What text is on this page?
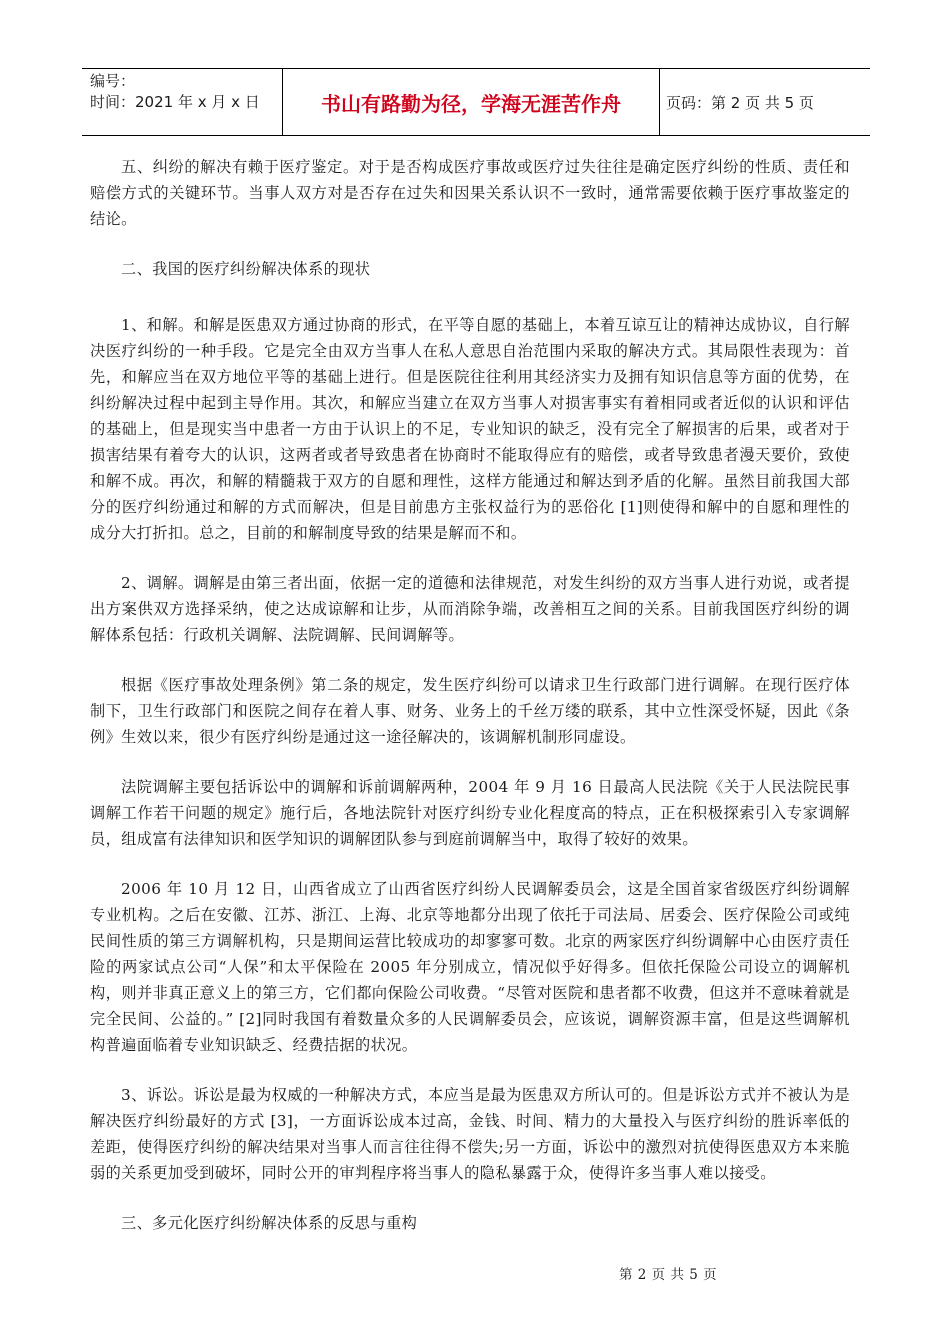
编号：
时间：2021 年 x 月 x 日	书山有路勤为径，学海无涯苦作舟	页码：第 2 页 共 5 页

五、纠纷的解决有赖于医疗鉴定。对于是否构成医疗事故或医疗过失往往是确定医疗纠纷的性质、责任和赔偿方式的关键环节。当事人双方对是否存在过失和因果关系认识不一致时，通常需要依赖于医疗事故鉴定的结论。

二、我国的医疗纠纷解决体系的现状

1、和解。和解是医患双方通过协商的形式，在平等自愿的基础上，本着互谅互让的精神达成协议，自行解决医疗纠纷的一种手段。它是完全由双方当事人在私人意思自治范围内采取的解决方式。其局限性表现为：首先，和解应当在双方地位平等的基础上进行。但是医院往往利用其经济实力及拥有知识信息等方面的优势，在纠纷解决过程中起到主导作用。其次，和解应当建立在双方当事人对损害事实有着相同或者近似的认识和评估的基础上，但是现实当中患者一方由于认识上的不足，专业知识的缺乏，没有完全了解损害的后果，或者对于损害结果有着夸大的认识，这两者或者导致患者在协商时不能取得应有的赔偿，或者导致患者漫天要价，致使和解不成。再次，和解的精髓栽于双方的自愿和理性，这样方能通过和解达到矛盾的化解。虽然目前我国大部分的医疗纠纷通过和解的方式而解决，但是目前患方主张权益行为的恶俗化 [1]则使得和解中的自愿和理性的成分大打折扣。总之，目前的和解制度导致的结果是解而不和。

2、调解。调解是由第三者出面，依据一定的道德和法律规范，对发生纠纷的双方当事人进行劝说，或者提出方案供双方选择采纳，使之达成谅解和让步，从而消除争端，改善相互之间的关系。目前我国医疗纠纷的调解体系包括：行政机关调解、法院调解、民间调解等。

根据《医疗事故处理条例》第二条的规定，发生医疗纠纷可以请求卫生行政部门进行调解。在现行医疗体制下，卫生行政部门和医院之间存在着人事、财务、业务上的千丝万缕的联系，其中立性深受怀疑，因此《条例》生效以来，很少有医疗纠纷是通过这一途径解决的，该调解机制形同虚设。

法院调解主要包括诉讼中的调解和诉前调解两种，2004 年 9 月 16 日最高人民法院《关于人民法院民事调解工作若干问题的规定》施行后，各地法院针对医疗纠纷专业化程度高的特点，正在积极探索引入专家调解员，组成富有法律知识和医学知识的调解团队参与到庭前调解当中，取得了较好的效果。

2006 年 10 月 12 日，山西省成立了山西省医疗纠纷人民调解委员会，这是全国首家省级医疗纠纷调解专业机构。之后在安徽、江苏、浙江、上海、北京等地都分出现了依托于司法局、居委会、医疗保险公司或纯民间性质的第三方调解机构，只是期间运营比较成功的却寥寥可数。北京的两家医疗纠纷调解中心由医疗责任险的两家试点公司“人保”和太平保险在 2005 年分别成立，情况似乎好得多。但依托保险公司设立的调解机构，则并非真正意义上的第三方，它们都向保险公司收费。“尽管对医院和患者都不收费，但这并不意味着就是完全民间、公益的。” [2]同时我国有着数量众多的人民调解委员会，应该说，调解资源丰富，但是这些调解机构普遍面临着专业知识缺乏、经费拮据的状况。

3、诉讼。诉讼是最为权威的一种解决方式，本应当是最为医患双方所认可的。但是诉讼方式并不被认为是解决医疗纠纷最好的方式 [3]，一方面诉讼成本过高，金钱、时间、精力的大量投入与医疗纠纷的胜诉率低的差距，使得医疗纠纷的解决结果对当事人而言往往得不偿失;另一方面，诉讼中的激烈对抗使得医患双方本来脆弱的关系更加受到破坏，同时公开的审判程序将当事人的隐私暴露于众，使得许多当事人难以接受。

三、多元化医疗纠纷解决体系的反思与重构

第 2 页 共 5 页
